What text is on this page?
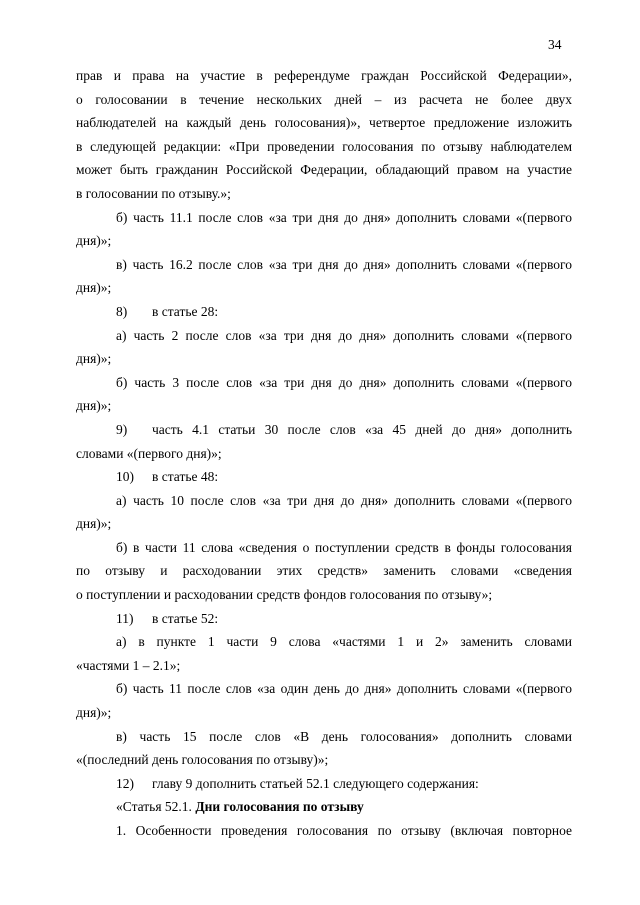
34
прав и права на участие в референдуме граждан Российской Федерации»,
о голосовании в течение нескольких дней – из расчета не более двух
наблюдателей на каждый день голосования)», четвертое предложение изложить
в следующей редакции: «При проведении голосования по отзыву наблюдателем
может быть гражданин Российской Федерации, обладающий правом на участие
в голосовании по отзыву.»;
б) часть 11.1 после слов «за три дня до дня» дополнить словами «(первого
дня)»;
в) часть 16.2 после слов «за три дня до дня» дополнить словами «(первого
дня)»;
8) в статье 28:
а) часть 2 после слов «за три дня до дня» дополнить словами «(первого
дня)»;
б) часть 3 после слов «за три дня до дня» дополнить словами «(первого
дня)»;
9)	часть 4.1 статьи 30 после слов «за 45 дней до дня» дополнить
словами «(первого дня)»;
10) в статье 48:
а) часть 10 после слов «за три дня до дня» дополнить словами «(первого
дня)»;
б) в части 11 слова «сведения о поступлении средств в фонды голосования
по отзыву и расходовании этих средств» заменить словами «сведения
о поступлении и расходовании средств фондов голосования по отзыву»;
11) в статье 52:
а) в пункте 1 части 9 слова «частями 1 и 2» заменить словами
«частями 1 – 2.1»;
б) часть 11 после слов «за один день до дня» дополнить словами «(первого
дня)»;
в) часть 15 после слов «В день голосования» дополнить словами
«(последний день голосования по отзыву)»;
12) главу 9 дополнить статьей 52.1 следующего содержания:
«Статья 52.1. Дни голосования по отзыву
1. Особенности проведения голосования по отзыву (включая повторное
